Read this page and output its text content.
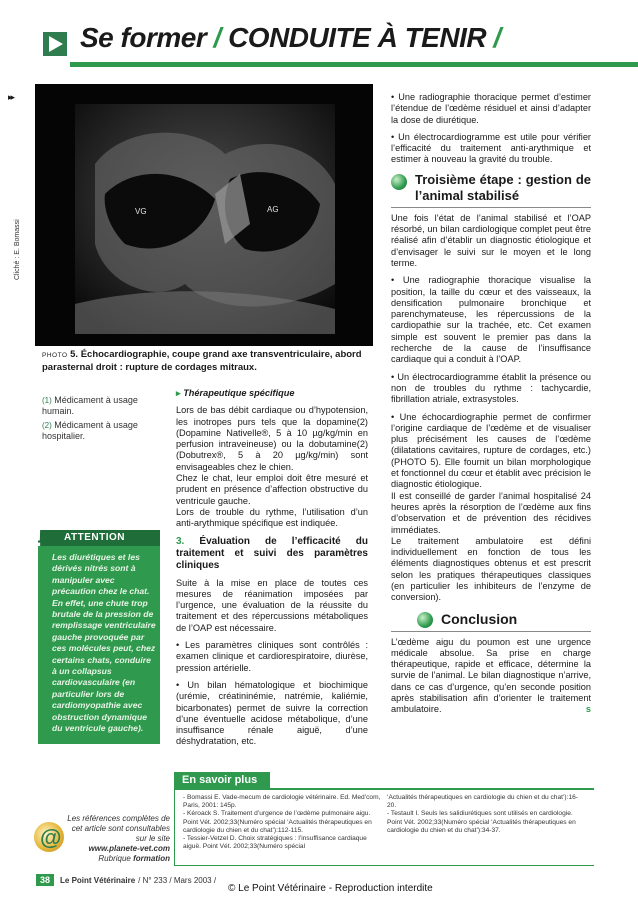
Se former / CONDUITE À TENIR /
▸▸
Cliché : E. Bomassi
VG	AG
PHOTO 5. Échocardiographie, coupe grand axe transventriculaire, abord parasternal droit : rupture de cordages mitraux.
(1) Médicament à usage humain.
(2) Médicament à usage hospitalier.
ATTENTION
!
Les diurétiques et les dérivés nitrés sont à manipuler avec précaution chez le chat. En effet, une chute trop brutale de la pression de remplissage ventriculaire gauche provoquée par ces molécules peut, chez certains chats, conduire à un collapsus cardiovasculaire (en particulier lors de cardiomyopathie avec obstruction dynamique du ventricule gauche).

▸ Thérapeutique spécifique

Lors de bas débit cardiaque ou d’hypotension, les inotropes purs tels que la dopamine(2) (Dopamine Nativelle®, 5 à 10 µg/kg/min en perfusion intraveineuse) ou la dobutamine(2) (Dobutrex®, 5 à 20 µg/kg/min) sont envisageables chez le chien.

Chez le chat, leur emploi doit être mesuré et prudent en présence d’affection obstructive du ventricule gauche.

Lors de trouble du rythme, l’utilisation d’un anti-arythmique spécifique est indiquée.

3. Évaluation de l’efficacité du traitement et suivi des paramètres cliniques

Suite à la mise en place de toutes ces mesures de réanimation imposées par l’urgence, une évaluation de la réussite du traitement et des répercussions métaboliques de l’OAP est nécessaire.

• Les paramètres cliniques sont contrôlés : examen clinique et cardiorespiratoire, diurèse, pression artérielle.

• Un bilan hématologique et biochimique (urémie, créatininémie, natrémie, kaliémie, bicarbonates) permet de suivre la correction d’une éventuelle acidose métabolique, d’une insuffisance rénale aiguë, d’une déshydratation, etc.

• Une radiographie thoracique permet d’estimer l’étendue de l’œdème résiduel et ainsi d’adapter la dose de diurétique.

• Un électrocardiogramme est utile pour vérifier l’efficacité du traitement anti-arythmique et estimer à nouveau la gravité du trouble.

Troisième étape : gestion de l’animal stabilisé

Une fois l’état de l’animal stabilisé et l’OAP résorbé, un bilan cardiologique complet peut être réalisé afin d’établir un diagnostic étiologique et d’envisager le suivi sur le moyen et le long terme.

• Une radiographie thoracique visualise la position, la taille du cœur et des vaisseaux, la densification pulmonaire bronchique et parenchymateuse, les répercussions de la cardiopathie sur la trachée, etc. Cet examen simple est souvent le premier pas dans la recherche de la cause de l’insuffisance cardiaque qui a conduit à l’OAP.

• Un électrocardiogramme établit la présence ou non de troubles du rythme : tachycardie, fibrillation atriale, extrasystoles.

• Une échocardiographie permet de confirmer l’origine cardiaque de l’œdème et de visualiser plus précisément les causes de l’œdème (dilatations cavitaires, rupture de cordages, etc.) (PHOTO 5). Elle fournit un bilan morphologique et fonctionnel du cœur et établit avec précision le diagnostic étiologique.

Il est conseillé de garder l’animal hospitalisé 24 heures après la résorption de l’œdème aux fins d’observation et de prévention des récidives immédiates.

Le traitement ambulatoire est défini individuellement en fonction de tous les éléments diagnostiques obtenus et est prescrit selon les pratiques thérapeutiques classiques (en particulier les inhibiteurs de l’enzyme de conversion).

Conclusion

L’œdème aigu du poumon est une urgence médicale absolue. Sa prise en charge thérapeutique, rapide et efficace, détermine la survie de l’animal. Le bilan diagnostique n’arrive, dans ce cas d’urgence, qu’en seconde position après stabilisation afin d’orienter le traitement ambulatoire.	s

En savoir plus
- Bomassi E. Vade-mecum de cardiologie vétérinaire. Ed. Med’com, Paris, 2001: 145p.
- Kéroack S. Traitement d’urgence de l’œdème pulmonaire aigu. Point Vét. 2002;33(Numéro spécial ‘Actualités thérapeutiques en cardiologie du chien et du chat’):112-115.
- Tessier-Vetzel D. Choix stratégiques : l’insuffisance cardiaque aiguë. Point Vét. 2002;33(Numéro spécial
‘Actualités thérapeutiques en cardiologie du chien et du chat’):16-20.
- Testault I. Seuls les salidiurétiques sont utilisés en cardiologie. Point Vét. 2002;33(Numéro spécial ‘Actualités thérapeutiques en cardiologie du chien et du chat’):34-37.
@
Les références complètes de cet article sont consultables sur le site
www.planete-vet.com
Rubrique formation
38	Le Point Vétérinaire / N° 233 / Mars 2003 /
© Le Point Vétérinaire - Reproduction interdite
